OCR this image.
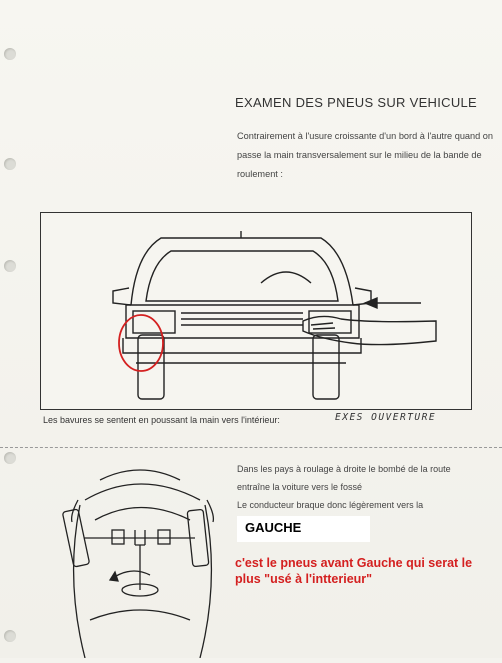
EXAMEN DES PNEUS SUR VEHICULE
Contrairement à l'usure croissante d'un bord à l'autre quand on passe la main transversalement sur le milieu de la bande de roulement :
Les bavures se sentent en poussant la main vers l'intérieur:	EXES OUVERTURE
Dans les pays à roulage à droite le bombé de la route
entraîne la voiture vers le fossé
Le conducteur braque donc légèrement vers la
GAUCHE
c'est le pneus avant Gauche qui serat le plus "usé à l'intterieur"
